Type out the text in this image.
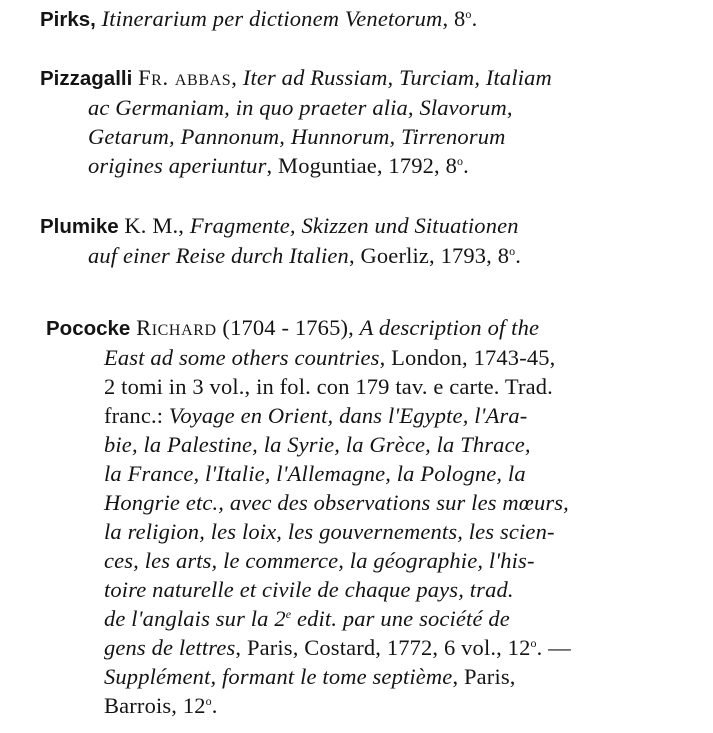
Pirks, Itinerarium per dictionem Venetorum, 8$^o$.
Pizzagalli Fr. abbas, Iter ad Russiam, Turciam, Italiam
ac Germaniam, in quo praeter alia, Slavorum,
Getarum, Pannonum, Hunnorum, Tirrenorum
origines aperiuntur, Moguntiae, 1792, 8$^o$.
Plumike K. M., Fragmente, Skizzen und Situationen
auf einer Reise durch Italien, Goerliz, 1793, 8$^o$.
Pococke Richard (1704 - 1765), A description of the
East ad some others countries, London, 1743-45,
2 tomi in 3 vol., in fol. con 179 tav. e carte. Trad.
franc.: Voyage en Orient, dans l'Egypte, l'Ara-
bie, la Palestine, la Syrie, la Grèce, la Thrace,
la France, l'Italie, l'Allemagne, la Pologne, la
Hongrie etc., avec des observations sur les mœurs,
la religion, les loix, les gouvernements, les scien-
ces, les arts, le commerce, la géographie, l'his-
toire naturelle et civile de chaque pays, trad.
de l'anglais sur la 2e edit. par une société de
gens de lettres, Paris, Costard, 1772, 6 vol., 12$^o$. —
Supplément, formant le tome septième, Paris,
Barrois, 12$^o$.
